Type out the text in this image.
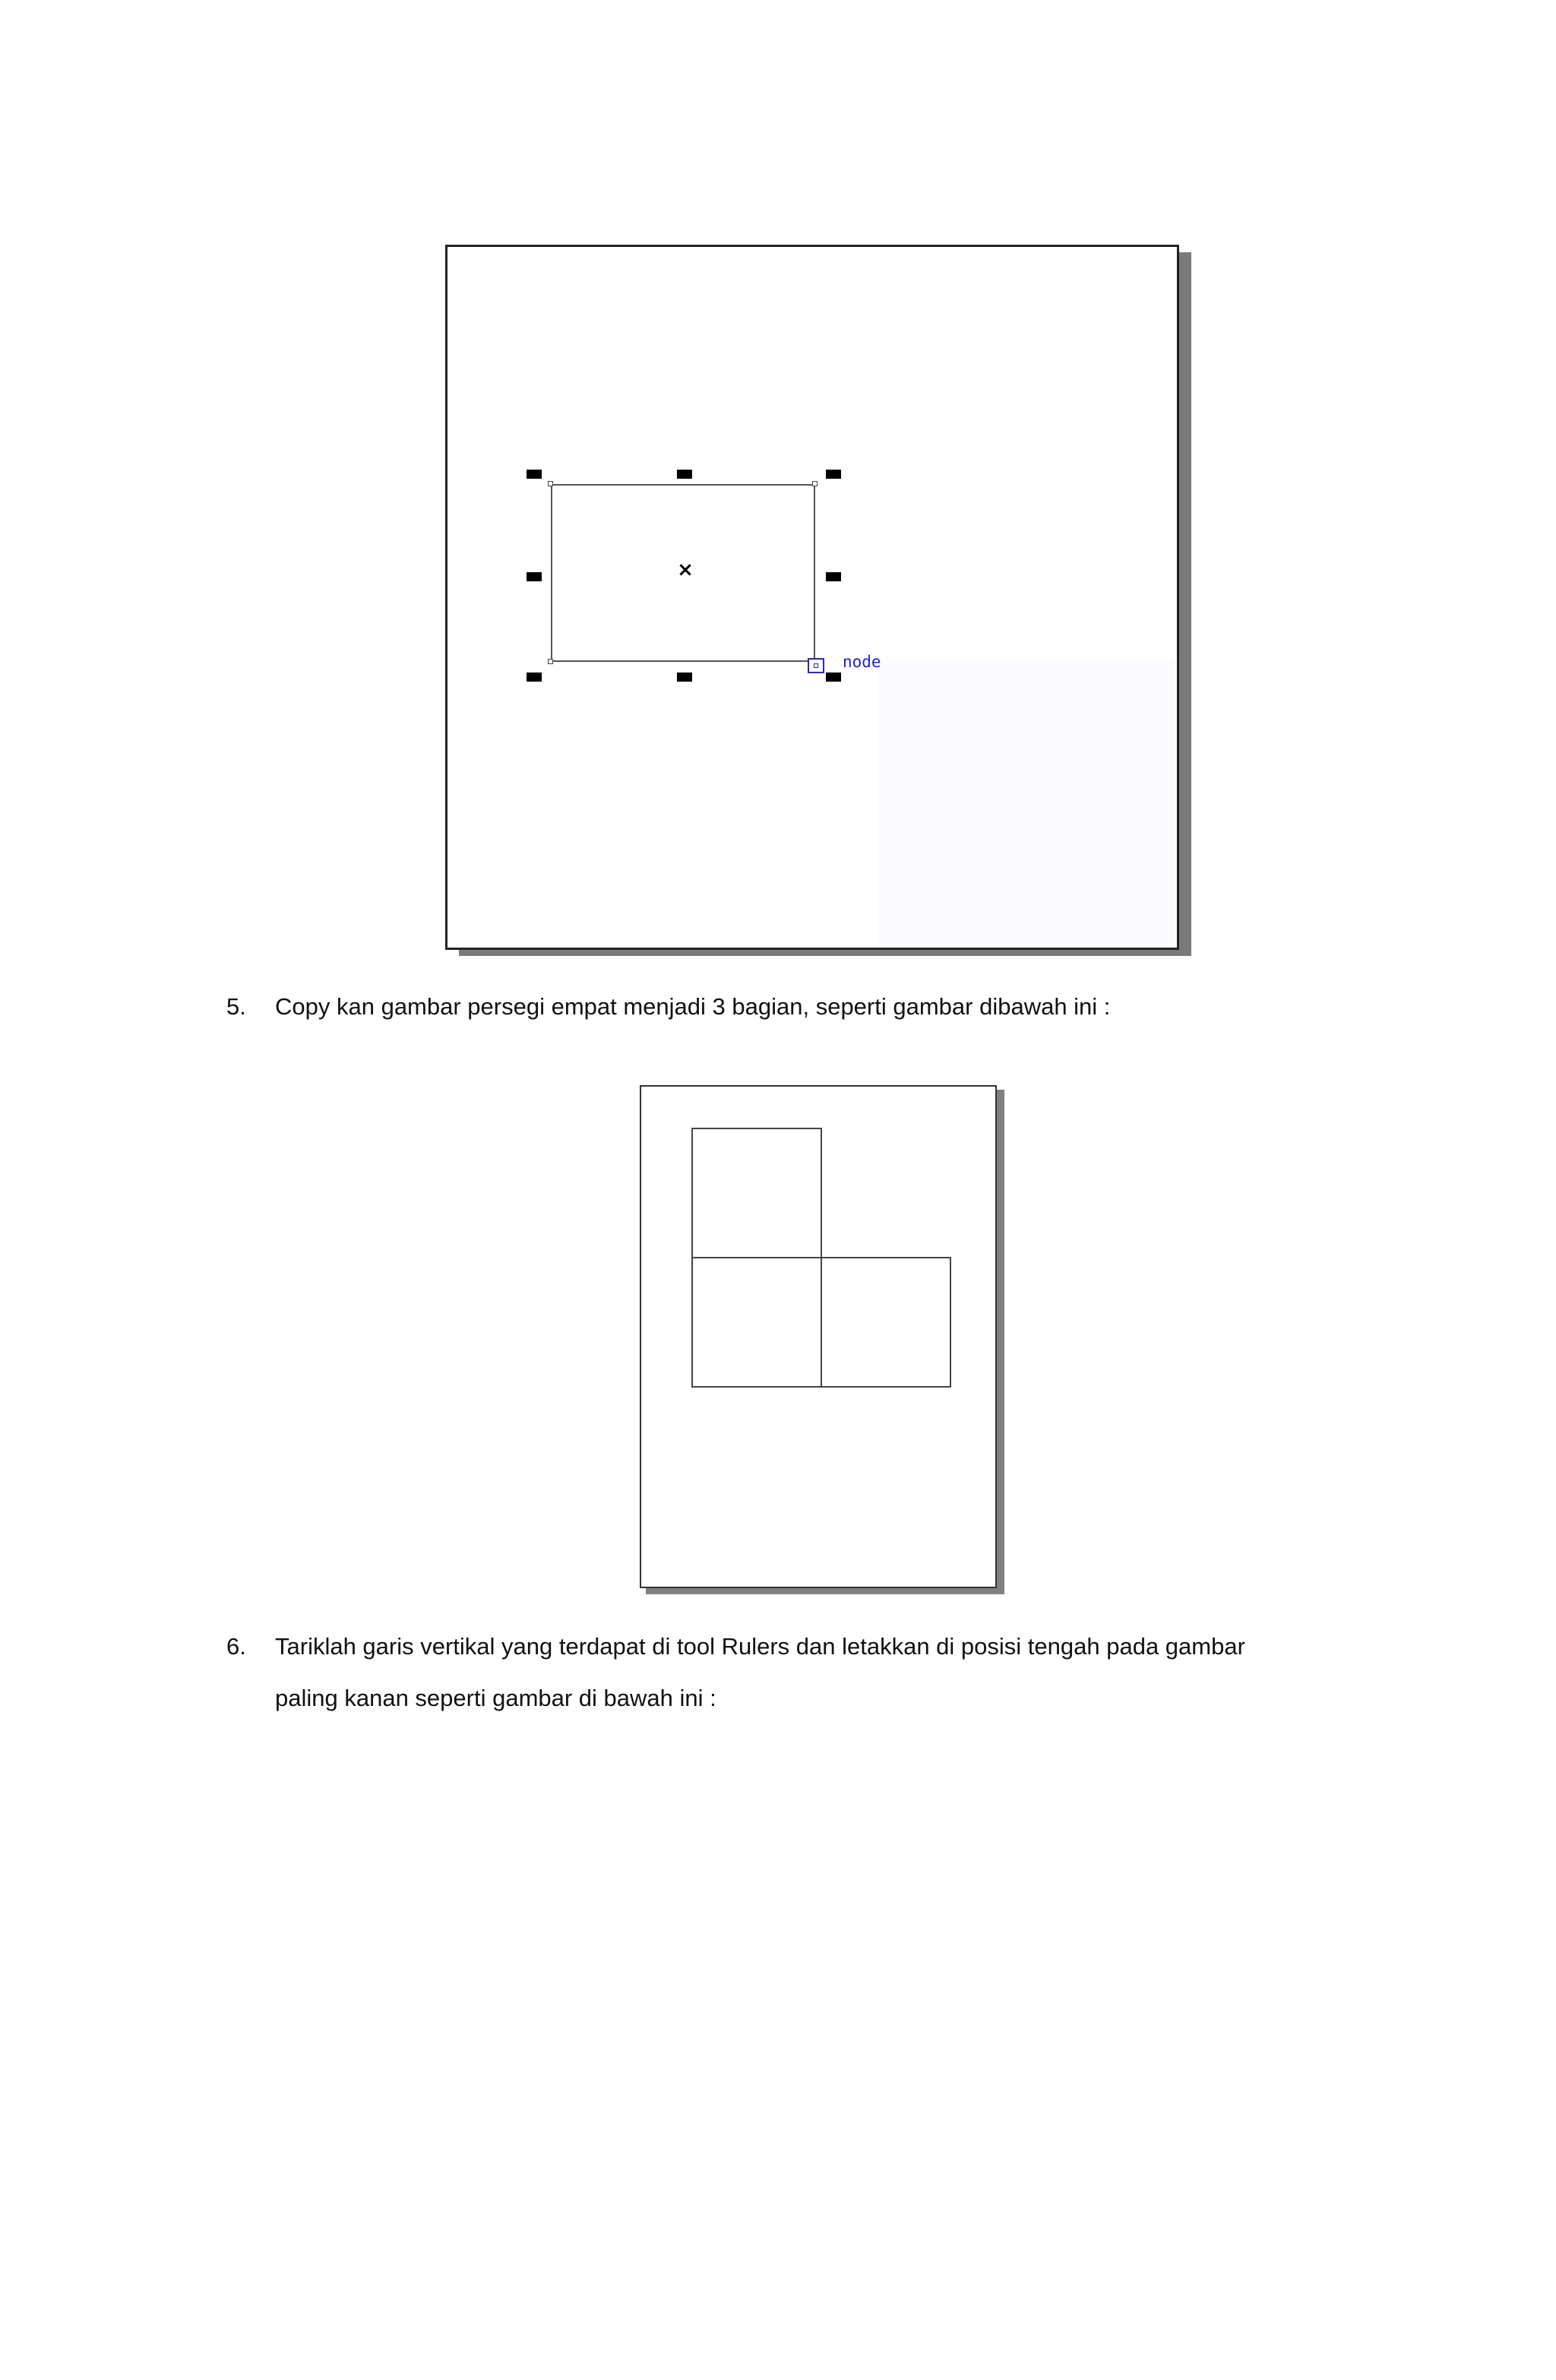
×
node
5. Copy kan gambar persegi empat menjadi 3 bagian, seperti gambar dibawah ini :
6. Tariklah garis vertikal yang terdapat di tool Rulers dan letakkan di posisi tengah pada gambar
paling kanan seperti gambar di bawah ini :
